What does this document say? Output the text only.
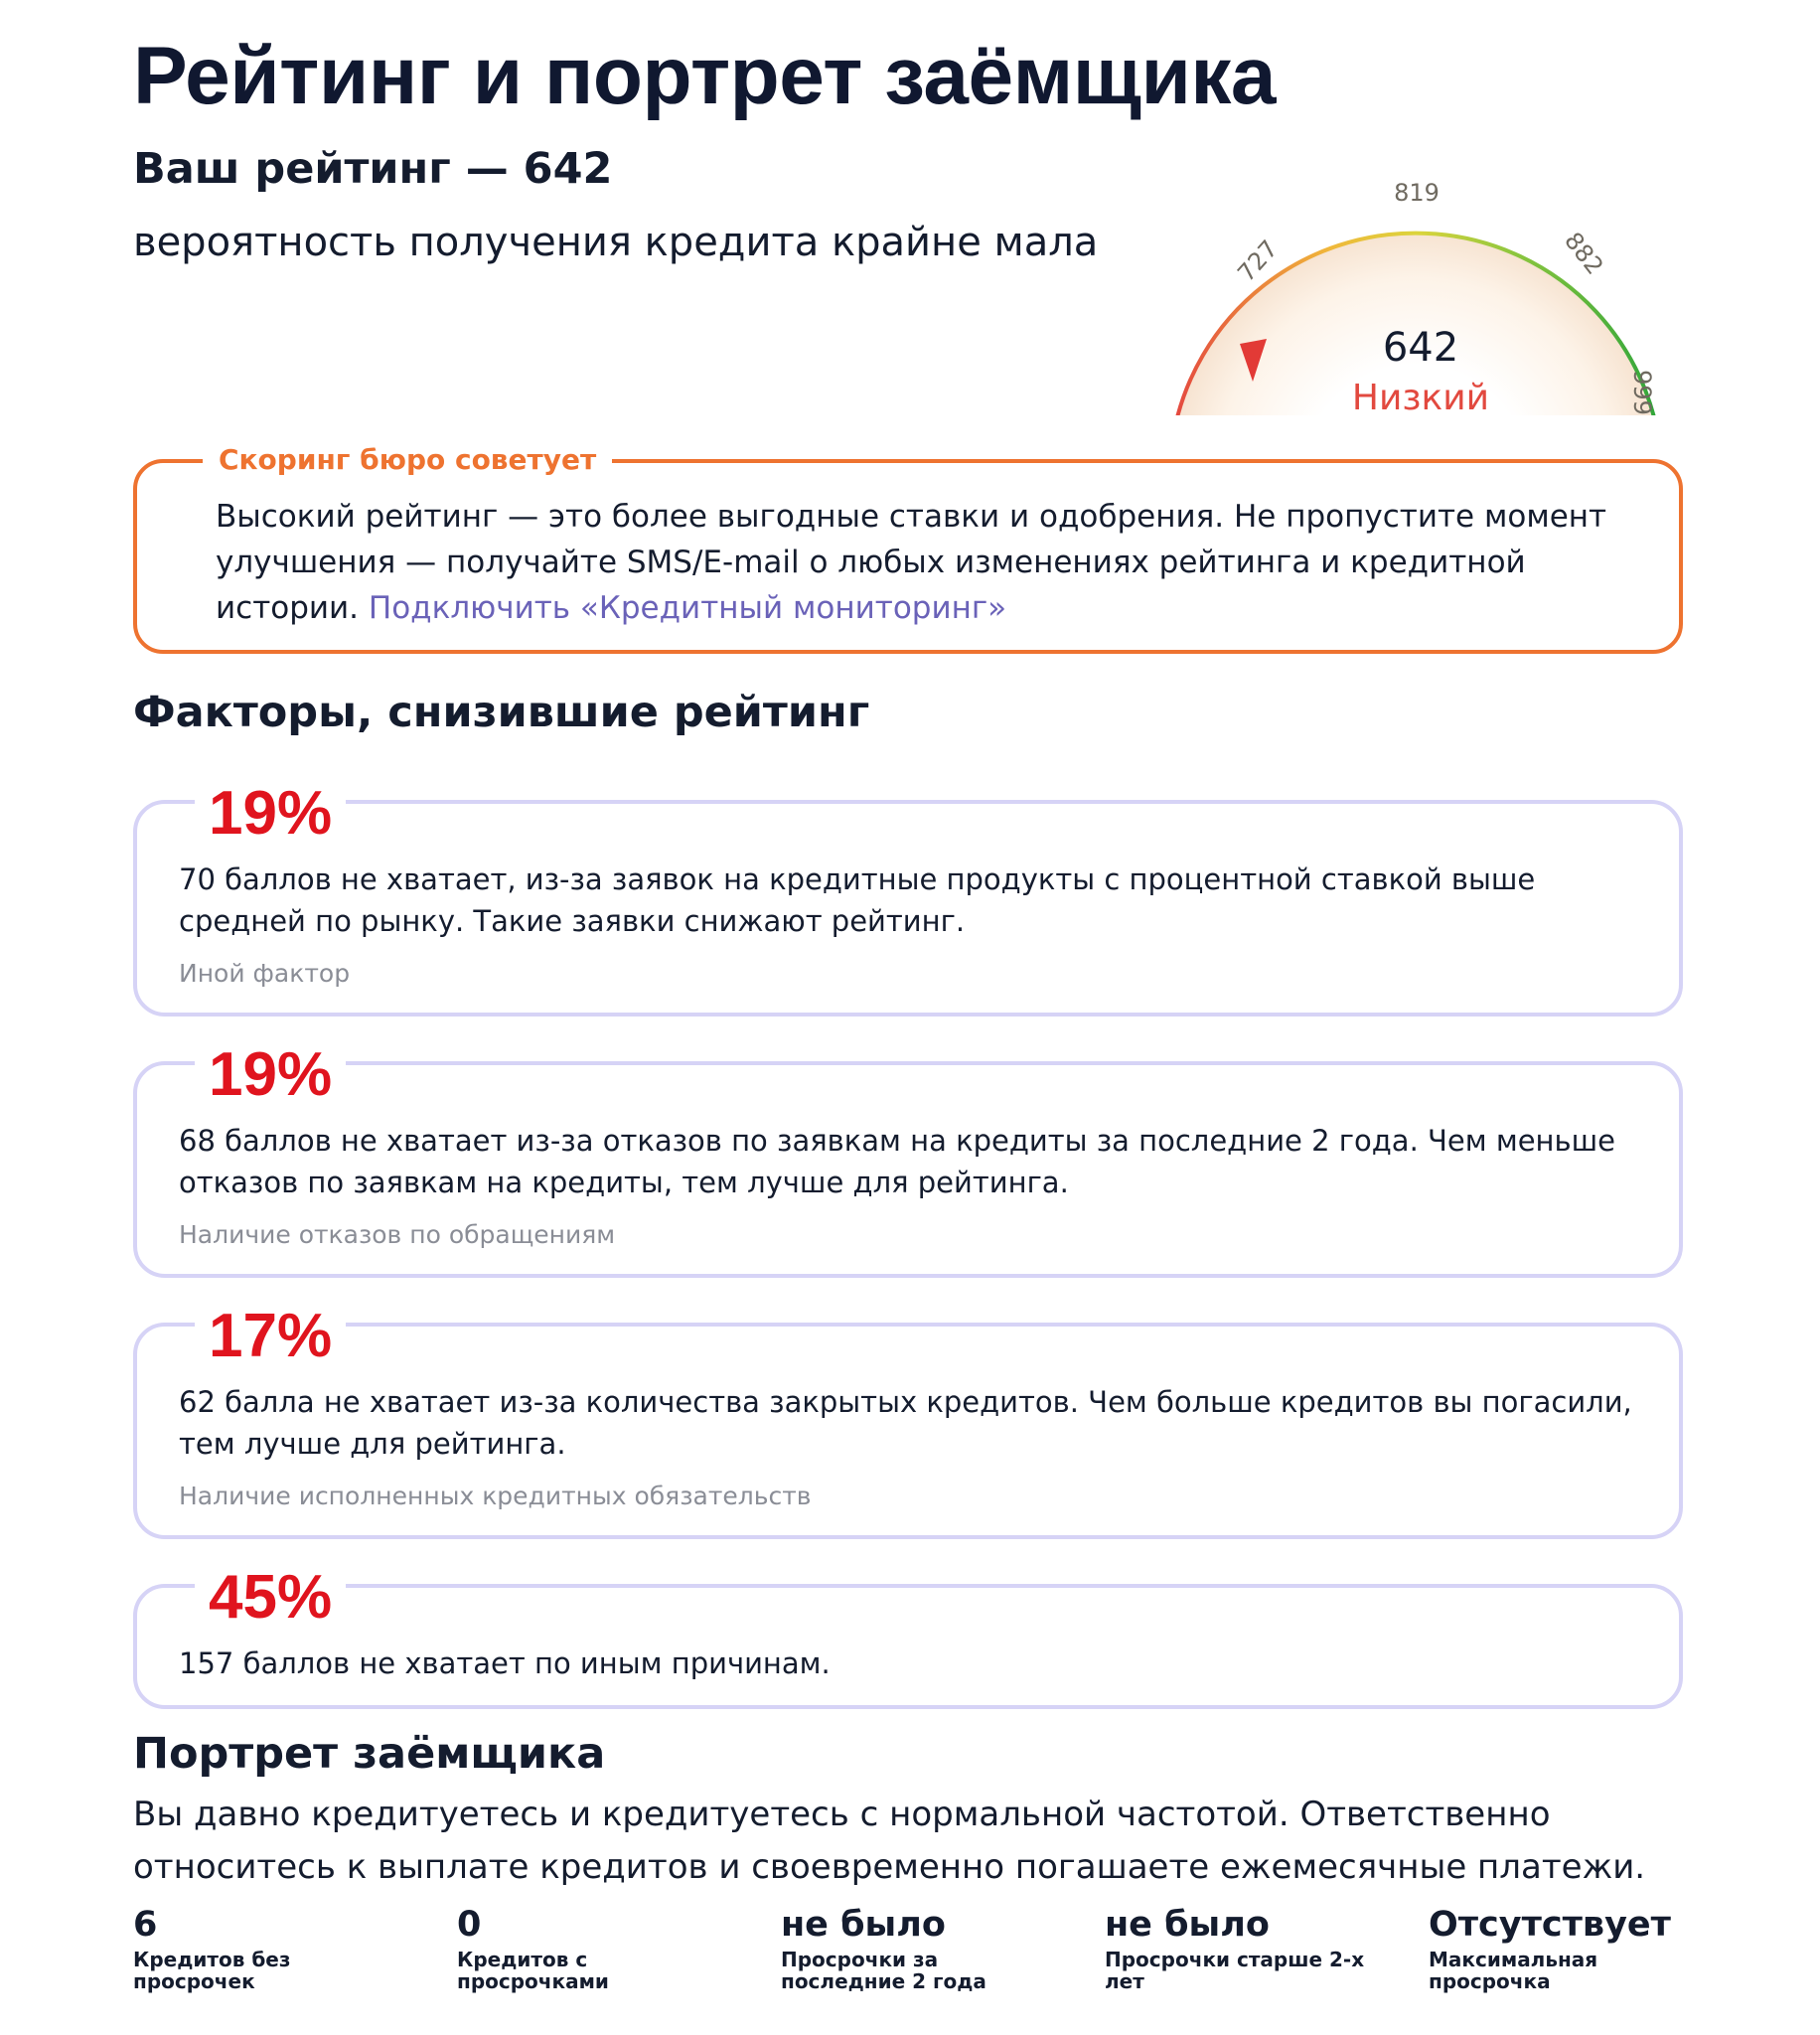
Рейтинг и портрет заёмщика
Ваш рейтинг — 642

вероятность получения кредита крайне мала	727
819
882
999
642
Низкий
Скоринг бюро советует

Высокий рейтинг — это более выгодные ставки и одобрения. Не пропустите момент улучшения — получайте SMS/E-mail о любых изменениях рейтинга и кредитной истории. Подключить «Кредитный мониторинг»

Факторы, снизившие рейтинг
19%

70 баллов не хватает, из-за заявок на кредитные продукты с процентной ставкой выше средней по рынку. Такие заявки снижают рейтинг.

Иной фактор

19%

68 баллов не хватает из-за отказов по заявкам на кредиты за последние 2 года. Чем меньше отказов по заявкам на кредиты, тем лучше для рейтинга.

Наличие отказов по обращениям

17%

62 балла не хватает из-за количества закрытых кредитов. Чем больше кредитов вы погасили, тем лучше для рейтинга.

Наличие исполненных кредитных обязательств

45%

157 баллов не хватает по иным причинам.

Портрет заёмщика

Вы давно кредитуетесь и кредитуетесь с нормальной частотой. Ответственно относитесь к выплате кредитов и своевременно погашаете ежемесячные платежи.

6
Кредитов без просрочек
0
Кредитов с просрочками
не было
Просрочки за последние 2 года
не было
Просрочки старше 2-х лет
Отсутствует
Максимальная просрочка
